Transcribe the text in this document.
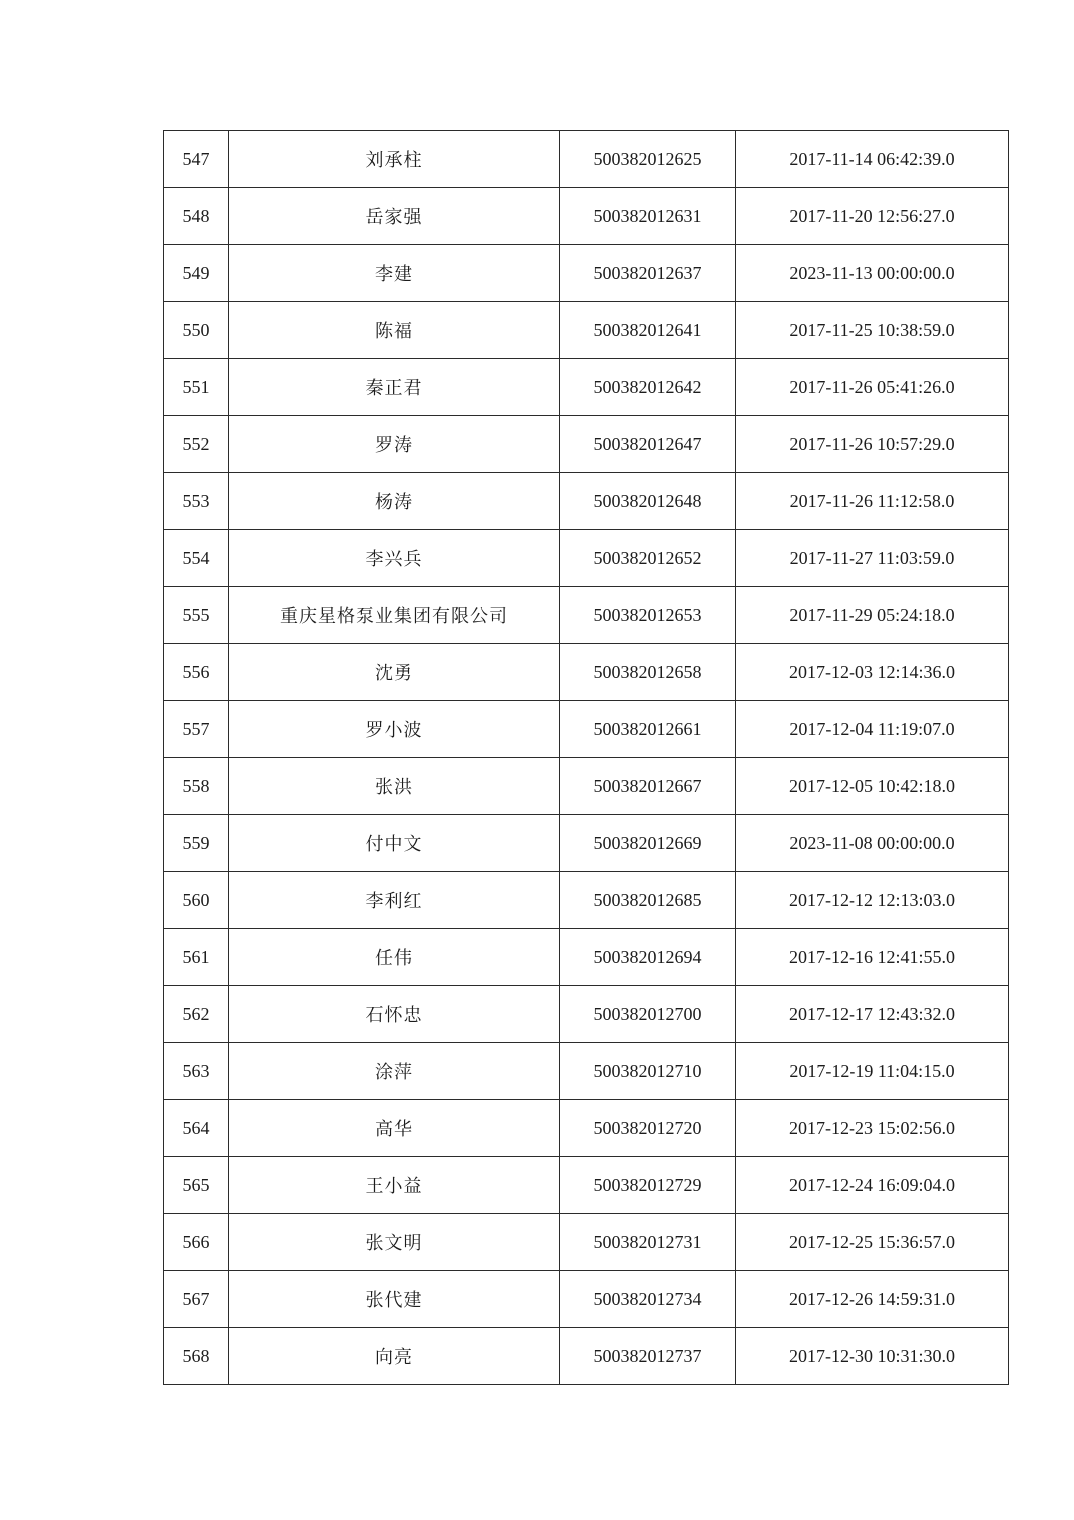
547	刘承柱	500382012625	2017-11-14 06:42:39.0
548	岳家强	500382012631	2017-11-20 12:56:27.0
549	李建	500382012637	2023-11-13 00:00:00.0
550	陈福	500382012641	2017-11-25 10:38:59.0
551	秦正君	500382012642	2017-11-26 05:41:26.0
552	罗涛	500382012647	2017-11-26 10:57:29.0
553	杨涛	500382012648	2017-11-26 11:12:58.0
554	李兴兵	500382012652	2017-11-27 11:03:59.0
555	重庆星格泵业集团有限公司	500382012653	2017-11-29 05:24:18.0
556	沈勇	500382012658	2017-12-03 12:14:36.0
557	罗小波	500382012661	2017-12-04 11:19:07.0
558	张洪	500382012667	2017-12-05 10:42:18.0
559	付中文	500382012669	2023-11-08 00:00:00.0
560	李利红	500382012685	2017-12-12 12:13:03.0
561	任伟	500382012694	2017-12-16 12:41:55.0
562	石怀忠	500382012700	2017-12-17 12:43:32.0
563	涂萍	500382012710	2017-12-19 11:04:15.0
564	高华	500382012720	2017-12-23 15:02:56.0
565	王小益	500382012729	2017-12-24 16:09:04.0
566	张文明	500382012731	2017-12-25 15:36:57.0
567	张代建	500382012734	2017-12-26 14:59:31.0
568	向亮	500382012737	2017-12-30 10:31:30.0
